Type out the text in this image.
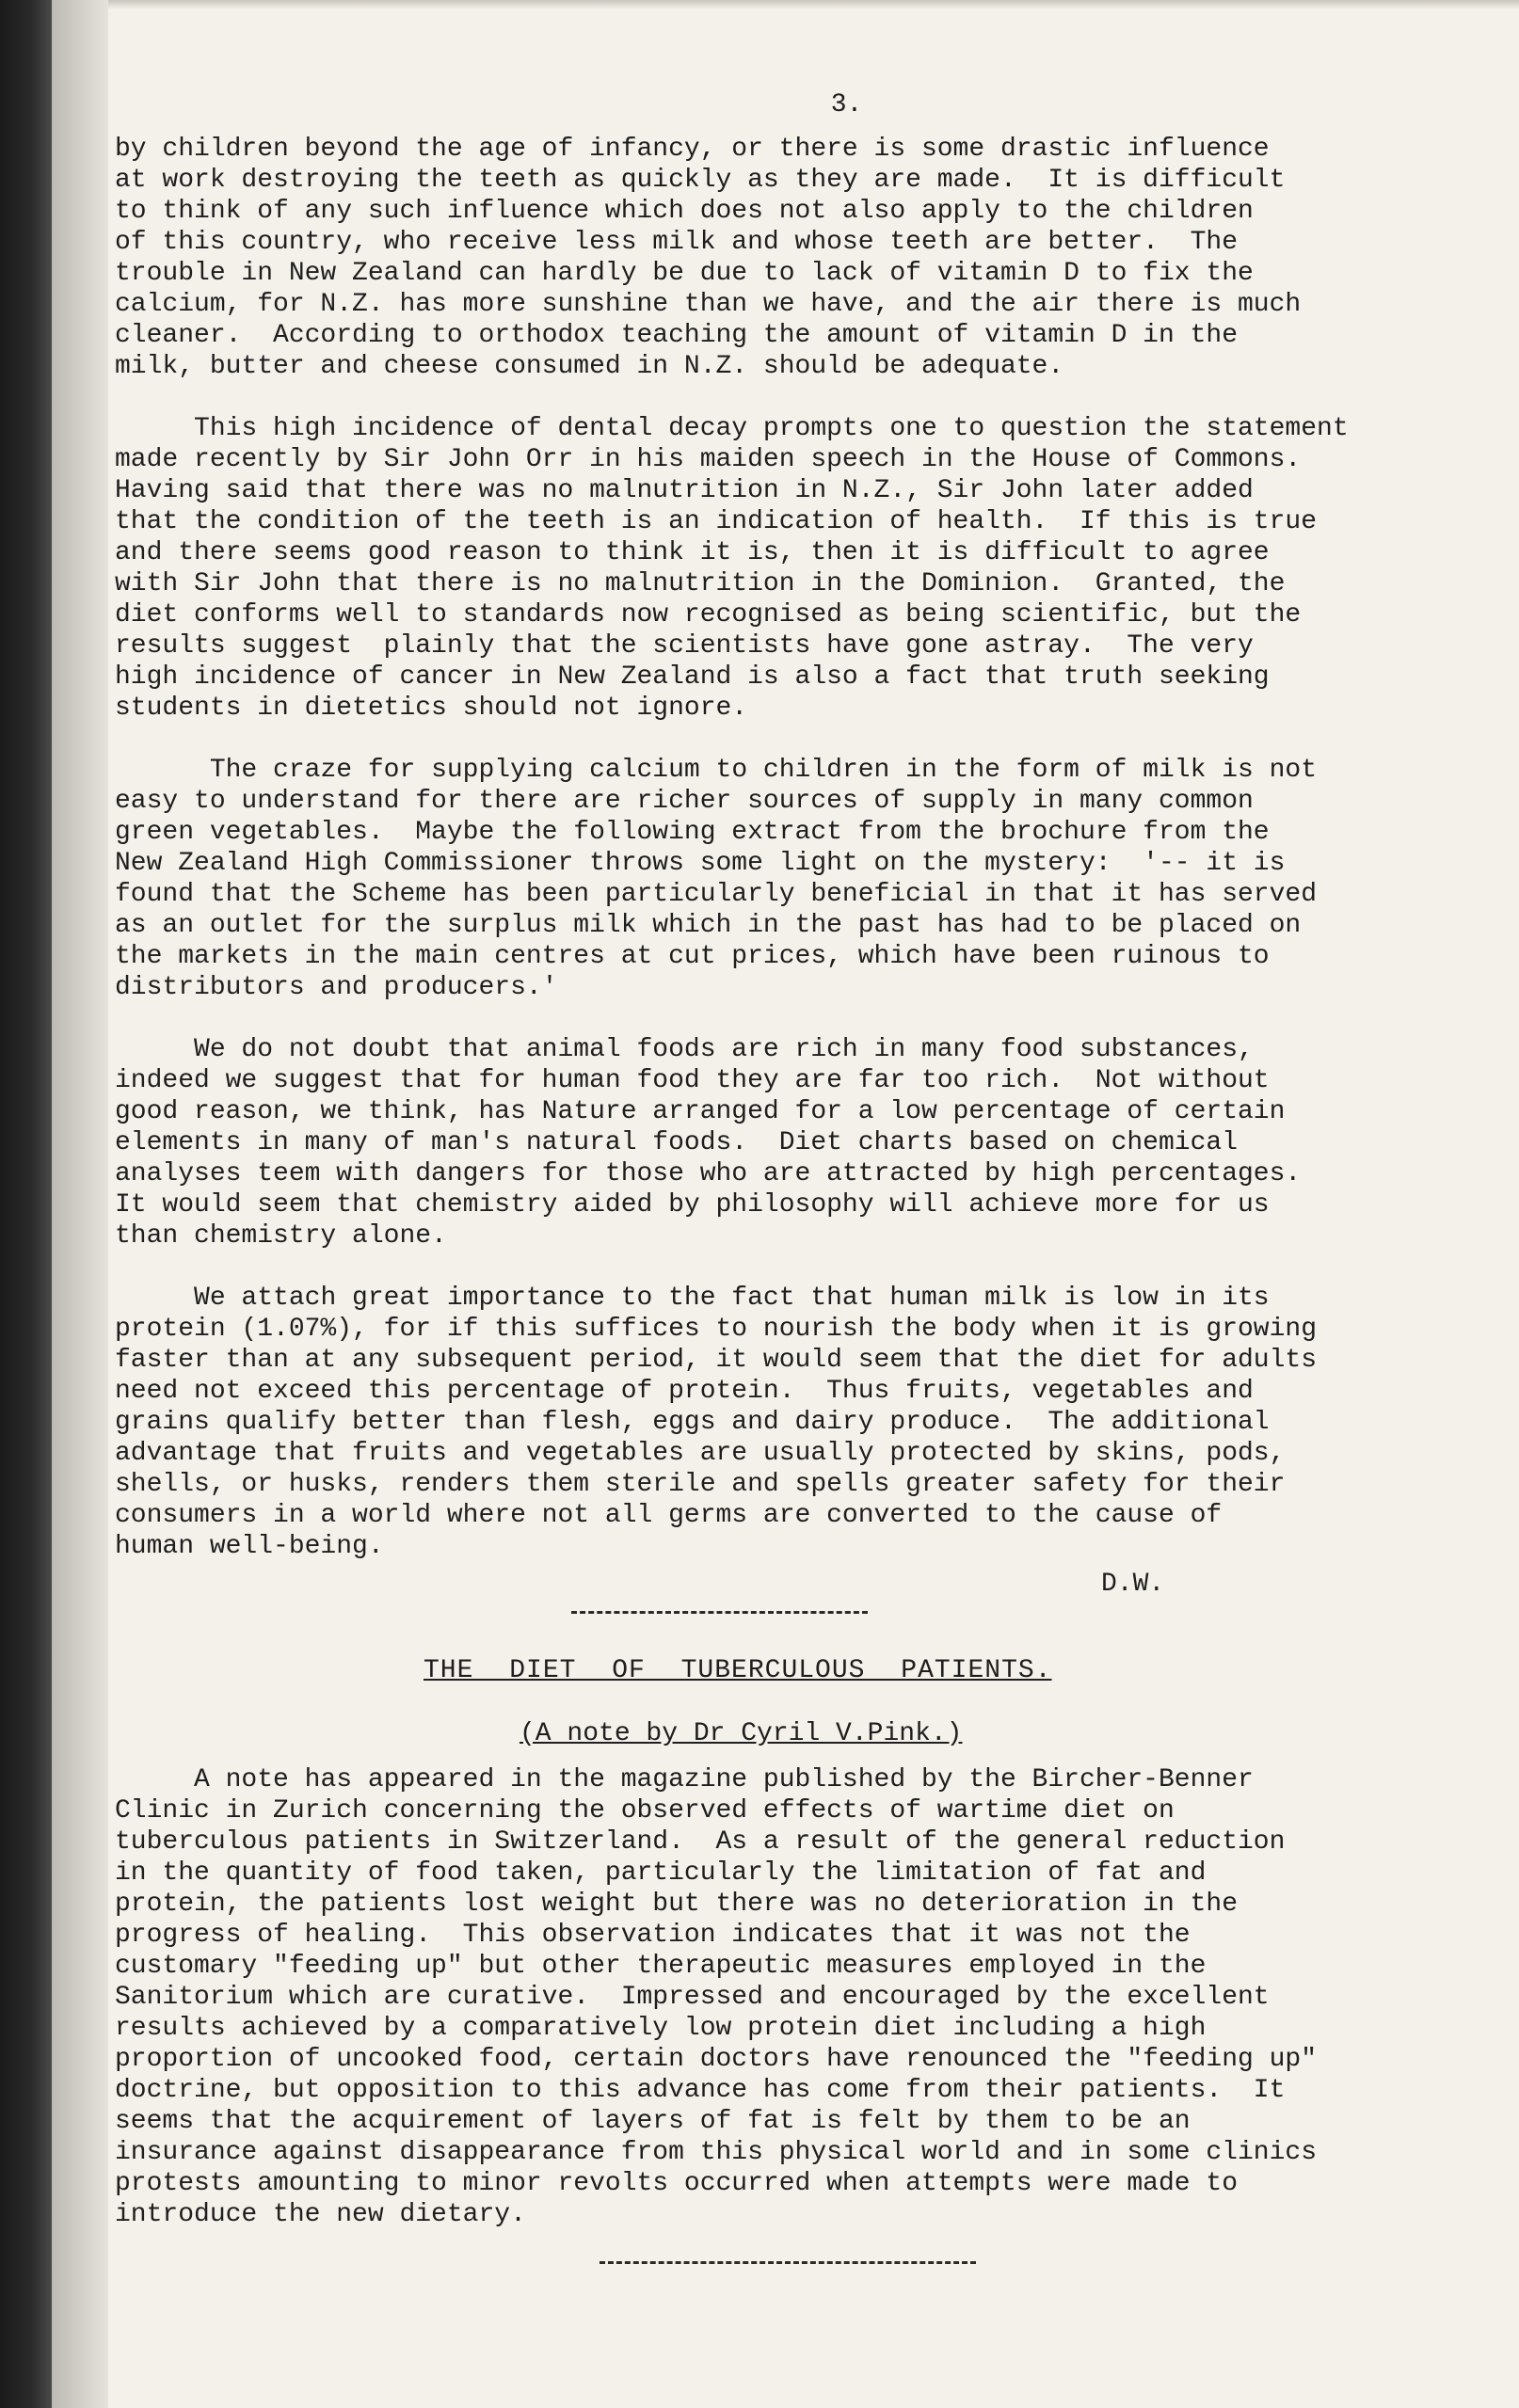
3.

by children beyond the age of infancy, or there is some drastic influence
at work destroying the teeth as quickly as they are made.  It is difficult
to think of any such influence which does not also apply to the children
of this country, who receive less milk and whose teeth are better.  The
trouble in New Zealand can hardly be due to lack of vitamin D to fix the
calcium, for N.Z. has more sunshine than we have, and the air there is much
cleaner.  According to orthodox teaching the amount of vitamin D in the
milk, butter and cheese consumed in N.Z. should be adequate.

This high incidence of dental decay prompts one to question the statement
made recently by Sir John Orr in his maiden speech in the House of Commons.
Having said that there was no malnutrition in N.Z., Sir John later added
that the condition of the teeth is an indication of health.  If this is true
and there seems good reason to think it is, then it is difficult to agree
with Sir John that there is no malnutrition in the Dominion.  Granted, the
diet conforms well to standards now recognised as being scientific, but the
results suggest  plainly that the scientists have gone astray.  The very
high incidence of cancer in New Zealand is also a fact that truth seeking
students in dietetics should not ignore.

The craze for supplying calcium to children in the form of milk is not
easy to understand for there are richer sources of supply in many common
green vegetables.  Maybe the following extract from the brochure from the
New Zealand High Commissioner throws some light on the mystery:  '-- it is
found that the Scheme has been particularly beneficial in that it has served
as an outlet for the surplus milk which in the past has had to be placed on
the markets in the main centres at cut prices, which have been ruinous to
distributors and producers.'

We do not doubt that animal foods are rich in many food substances,
indeed we suggest that for human food they are far too rich.  Not without
good reason, we think, has Nature arranged for a low percentage of certain
elements in many of man's natural foods.  Diet charts based on chemical
analyses teem with dangers for those who are attracted by high percentages.
It would seem that chemistry aided by philosophy will achieve more for us
than chemistry alone.

We attach great importance to the fact that human milk is low in its
protein (1.07%), for if this suffices to nourish the body when it is growing
faster than at any subsequent period, it would seem that the diet for adults
need not exceed this percentage of protein.  Thus fruits, vegetables and
grains qualify better than flesh, eggs and dairy produce.  The additional
advantage that fruits and vegetables are usually protected by skins, pods,
shells, or husks, renders them sterile and spells greater safety for their
consumers in a world where not all germs are converted to the cause of
human well-being.

D.W.
THE DIET OF TUBERCULOUS PATIENTS.
(A note by Dr Cyril V.Pink.)

A note has appeared in the magazine published by the Bircher-Benner
Clinic in Zurich concerning the observed effects of wartime diet on
tuberculous patients in Switzerland.  As a result of the general reduction
in the quantity of food taken, particularly the limitation of fat and
protein, the patients lost weight but there was no deterioration in the
progress of healing.  This observation indicates that it was not the
customary "feeding up" but other therapeutic measures employed in the
Sanitorium which are curative.  Impressed and encouraged by the excellent
results achieved by a comparatively low protein diet including a high
proportion of uncooked food, certain doctors have renounced the "feeding up"
doctrine, but opposition to this advance has come from their patients.  It
seems that the acquirement of layers of fat is felt by them to be an
insurance against disappearance from this physical world and in some clinics
protests amounting to minor revolts occurred when attempts were made to
introduce the new dietary.
